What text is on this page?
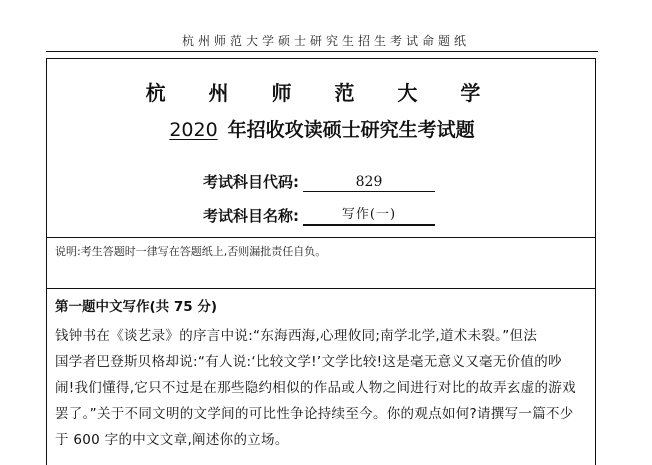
杭州师范大学硕士研究生招生考试命题纸
杭 州 师 范 大 学
2020 年招收攻读硕士研究生考试题
考试科目代码:	829
考试科目名称:	写作(一)
说明:考生答题时一律写在答题纸上,否则漏批责任自负。
第一题中文写作(共 75 分)
钱钟书在《谈艺录》的序言中说:“东海西海,心理攸同;南学北学,道术未裂。”但法
国学者巴登斯贝格却说:“有人说:‘比较文学!’文学比较!这是毫无意义又毫无价值的吵
闹!我们懂得,它只不过是在那些隐约相似的作品或人物之间进行对比的故弄玄虚的游戏
罢了。”关于不同文明的文学间的可比性争论持续至今。你的观点如何?请撰写一篇不少
于 600 字的中文文章,阐述你的立场。
